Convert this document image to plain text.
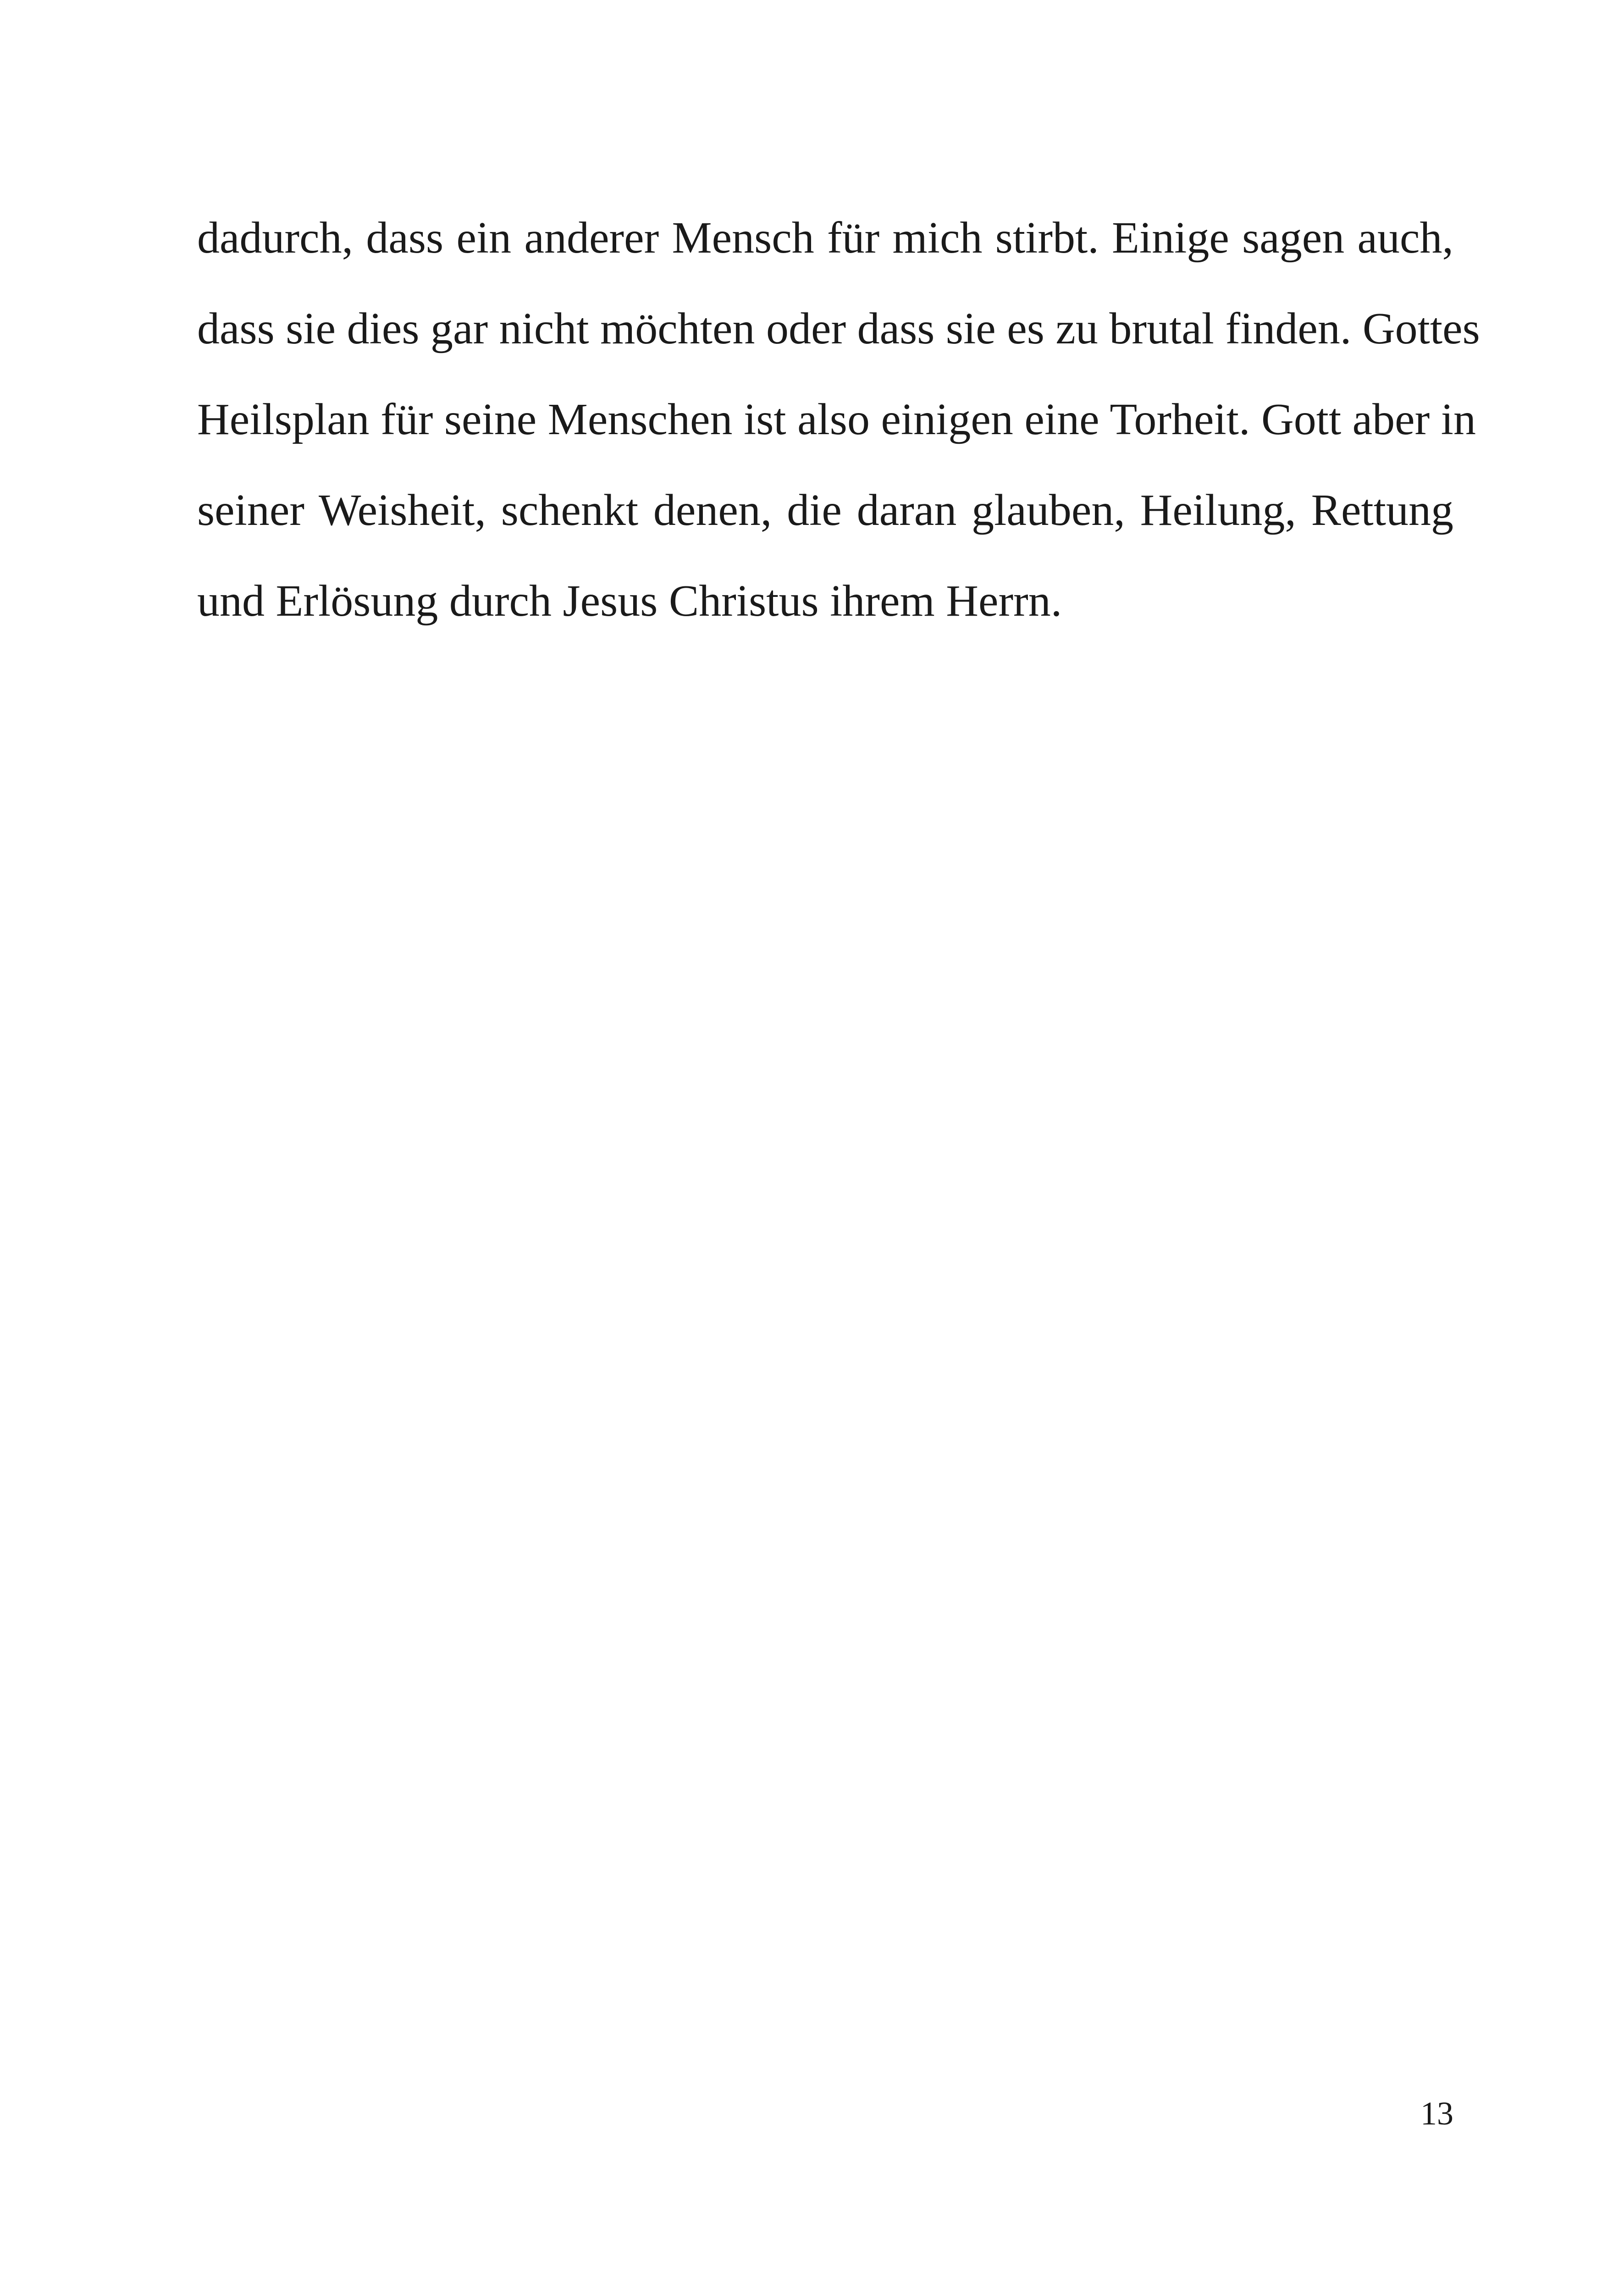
dadurch, dass ein anderer Mensch für mich stirbt. Einige sagen auch,
dass sie dies gar nicht möchten oder dass sie es zu brutal finden. Gottes
Heilsplan für seine Menschen ist also einigen eine Torheit. Gott aber in
seiner Weisheit, schenkt denen, die daran glauben, Heilung, Rettung
und Erlösung durch Jesus Christus ihrem Herrn.
13
